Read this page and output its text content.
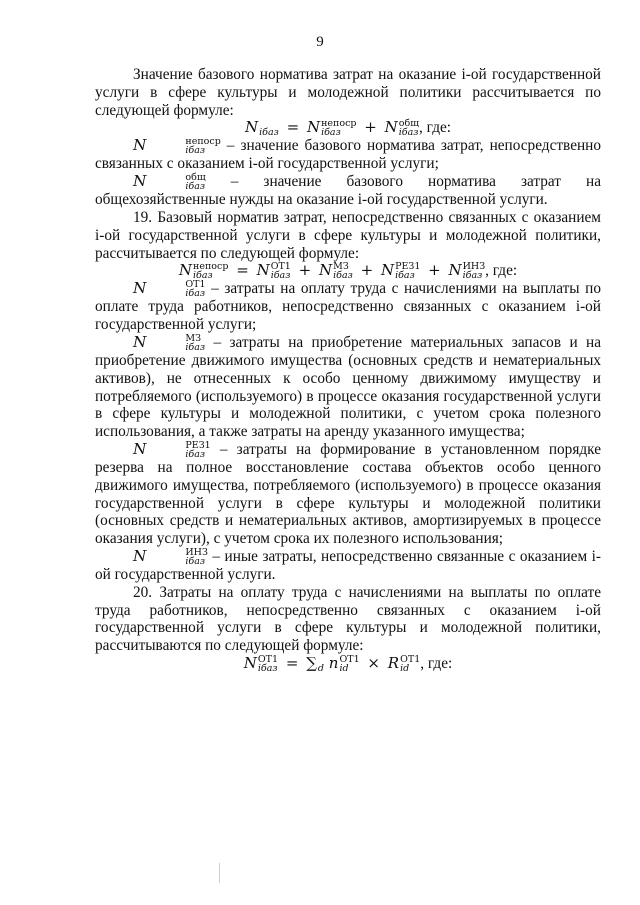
9

Значение базового норматива затрат на оказание i-ой государственной услуги в сфере культуры и молодежной политики рассчитывается по следующей формуле:

N
iбаз = N непоср
iбаз	+ N общ
iбаз , где:

N	непоср
iбаз	– значение базового норматива затрат, непосредственно связанных с оказанием i-ой государственной услуги;

N	общ
iбаз – значение базового норматива затрат на общехозяйственные нужды на оказание i-ой государственной услуги.

19. Базовый норматив затрат, непосредственно связанных с оказанием i-ой государственной услуги в сфере культуры и молодежной политики, рассчитывается по следующей формуле:

N непоср
iбаз	= N ОТ1
iбаз + N МЗ
iбаз + N РЕЗ1
iбаз + N ИНЗ
iбаз , где:

N	ОТ1
iбаз – затраты на оплату труда с начислениями на выплаты по оплате труда работников, непосредственно связанных с оказанием i-ой государственной услуги;

N	МЗ
iбаз – затраты на приобретение материальных запасов и на приобретение движимого имущества (основных средств и нематериальных активов), не отнесенных к особо ценному движимому имуществу и потребляемого (используемого) в процессе оказания государственной услуги в сфере культуры и молодежной политики, с учетом срока полезного использования, а также затраты на аренду указанного имущества;

N	РЕЗ1
iбаз – затраты на формирование в установленном порядке резерва на полное восстановление состава объектов особо ценного движимого имущества, потребляемого (используемого) в процессе оказания государственной услуги в сфере культуры и молодежной политики (основных средств и нематериальных активов, амортизируемых в процессе оказания услуги), с учетом срока их полезного использования;

N	ИНЗ
iбаз – иные затраты, непосредственно связанные с оказанием i-ой государственной услуги.

20. Затраты на оплату труда с начислениями на выплаты по оплате труда работников, непосредственно связанных с оказанием i-ой государственной услуги в сфере культуры и молодежной политики, рассчитываются по следующей формуле:

N ОТ1
iбаз = ∑
d n ОТ1
id	× R ОТ1
id , где:
